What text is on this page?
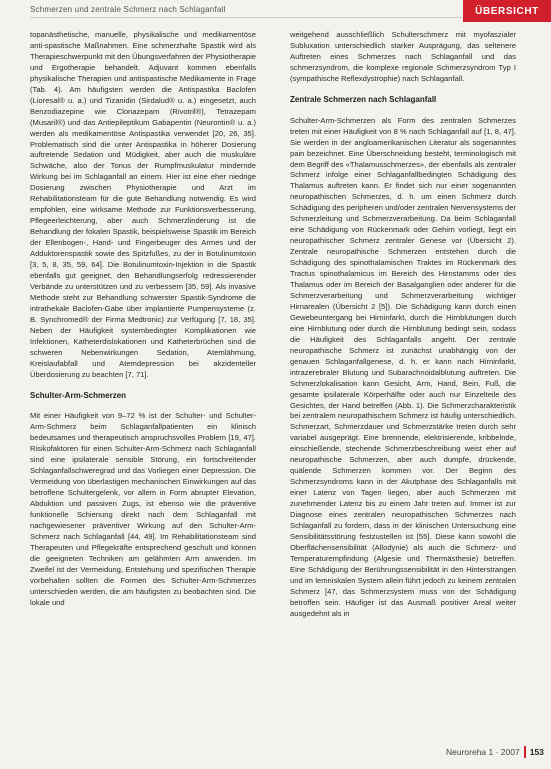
Schmerzen und zentrale Schmerz nach Schlaganfall	ÜBERSICHT

topanästhetische, manuelle, physikalische und medikamentöse anti-spastische Maßnahmen. Eine schmerzhafte Spastik wird als Therapieschwerpunkt mit den Übungsverfahren der Physiotherapie und Ergotherapie behandelt. Adjuvant kommen ebenfalls physikalische Therapien und antispastische Medikamente in Frage (Tab. 4). Am häufigsten werden die Antispastika Baclofen (Lioresal® u. a.) und Tizanidin (Sirdalud® u. a.) eingesetzt, auch Benzodiazepine wie Clonazepam (Rivotril®), Tetrazepam (Musaril®) und das Antiepileptikum Gabapentin (Neurontin® u. a.) werden als medikamentöse Antispastika verwendet [20, 26, 35]. Problematisch sind die unter Antispastika in höherer Dosierung auftretende Sedation und Müdigkeit, aber auch die muskuläre Schwäche, also der Tonus der Rumpfmuskulatur mindernde Wirkung bei im Schlaganfall an einem. Hier ist eine eher niedrige Dosierung zwischen Physiotherapie und Arzt im Rehabilitationsteam für die gute Behandlung notwendig. Es wird empfohlen, eine wirksame Methode zur Funktionsverbesserung, Pflegeerleichterung, aber auch Schmerzlinderung ist die Behandlung der fokalen Spastik, beispielsweise Spastik im Bereich der Ellenbogen-, Hand- und Fingerbeuger des Armes und der Adduktorenspastik sowie des Spitzfußes, zu der in Botulinumtoxin [3, 5, 8, 35, 59, 64]. Die Botulinumtoxin-Injektion in die Spastik ebenfalls gut geeignet, den Behandlungserfolg redressierender Verbände zu unterstützen und zu verbessern [35, 59]. Als invasive Methode steht zur Behandlung schwerster Spastik-Syndrome die intrathekale Baclofen-Gabe über implantierte Pumpensysteme (z. B. Synchromed® der Firma Medtronic) zur Verfügung [7, 18, 35]. Neben der Häufigkeit systembedingter Komplikationen wie Infektionen, Katheterdislokationen und Katheterbrüchen sind die schweren Nebenwirkungen Sedation, Atemlähmung, Kreislaufabfall und Atemdepression bei akzidenteller Überdosierung zu beachten [7, 71].

Schulter-Arm-Schmerzen

Mit einer Häufigkeit von 9–72 % ist der Schulter- und Schulter-Arm-Schmerz beim Schlaganfallpatienten ein klinisch bedeutsames und therapeutisch anspruchsvolles Problem [19, 47]. Risikofaktoren für einen Schulter-Arm-Schmerz nach Schlaganfall sind eine ipsilaterale sensible Störung, ein fortschreitender Schlaganfallschweregrad und das Vorliegen einer Depression. Die Vermeidung von überlastigen mechanischen Einwirkungen auf das betroffene Schultergelenk, vor allem in Form abrupter Elevation, Abduktion und passiven Zugs, ist ebenso wie die präventive funktionelle Schienung direkt nach dem Schlaganfall mit nachgewiesener präventiver Wirkung auf den Schulter-Arm-Schmerz nach Schlaganfall [44, 49]. Im Rehabilitationsteam sind Therapeuten und Pflegekräfte entsprechend geschult und können die geeigneten Techniken am gelähmten Arm anwenden. Im Zweifel ist der Vermeidung, Entstehung und spezifischen Therapie vorbehalten sollten die Formen des Schulter-Arm-Schmerzes unterschieden werden, die am häufigsten zu beobachten sind. Die lokale und

weitgehend ausschließlich Schulterschmerz mit myofaszialer Subluxation unterschiedlich starker Ausprägung, das seltenere Auftreten eines Schmerzes nach Schlaganfall und das schmerzsyndrom, die komplexe regionale Schmerzsyndrom Typ I (sympathische Reflexdystrophie) nach Schlaganfall.

Zentrale Schmerzen nach Schlaganfall

Schulter-Arm-Schmerzen als Form des zentralen Schmerzes treten mit einer Häufigkeit von 8 % nach Schlaganfall auf [1, 8, 47]. Sie werden in der angloamerikanischen Literatur als sogenanntes pain bezeichnet. Eine Überschneidung besteht, terminologisch mit dem Begriff des «Thalamusschmerzes», der ebenfalls als zentraler Schmerz infolge einer Schlaganfallbedingten Schädigung des Thalamus auftreten kann. Er findet sich nur einer sogenannten neuropathischen Schmerzes, d. h. um einen Schmerz durch Schädigung des peripheren und/oder zentralen Nervensystems der Schmerzleitung und Schmerzverarbeitung. Da beim Schlaganfall eine Schädigung von Rückenmark oder Gehirn vorliegt, liegt ein neuropathischer Schmerz zentraler Genese vor (Übersicht 2). Zentrale neuropathische Schmerzen entstehen durch die Schädigung des spinothalamischen Traktes im Rückenmark des Tractus spinothalamicus im Bereich des Hirnstamms oder des Thalamus oder im Bereich der Basalganglien oder anderer für die Schmerzverarbeitung und Schmerzverarbeitung wichtiger Hirnarealen (Übersicht 2 [5]). Die Schädigung kann durch einen Gewebeuntergang bei Hirninfarkt, durch die Hirnblutungen durch eine Hirnblutung oder durch die Hirnblutung bedingt sein, sodass die Häufigkeit des Schlaganfalls angeht. Der zentrale neuropathische Schmerz ist zunächst unabhängig von der genauen Schlaganfallgenese, d. h. er kann nach Hirninfarkt, intrazerebraler Blutung und Subarachnoidalblutung auftreten. Die Schmerzlokalisation kann Gesicht, Arm, Hand, Bein, Fuß, die gesamte ipsilaterale Körperhälfte oder auch nur Einzelteile des Gesichtes, der Hand betreffen (Abb. 1). Die Schmerzcharakteristik bei zentralem neuropathischem Schmerz ist häufig unterschiedlich. Schmerzart, Schmerzdauer und Schmerzstärke treten durch sehr variabel ausgeprägt. Eine brennende, elektrisierende, kribbelnde, einschießende, stechende Schmerzbeschreibung weist eher auf neuropathische Schmerzen, aber auch dumpfe, drückende, quälende Schmerzen kommen vor. Der Beginn des Schmerzsyndroms kann in der Akutphase des Schlaganfalls mit einer Latenz von Tagen liegen, aber auch Schmerzen mit zunehmender Latenz bis zu einem Jahr treten auf. Immer ist zur Diagnose eines zentralen neuropathischen Schmerzes nach Schlaganfall zu fordern, dass in der klinischen Untersuchung eine Sensibilitätsstörung festzustellen ist [55]. Diese kann sowohl die Oberflächensensibilität (Allodynie) als auch die Schmerz- und Temperaturempfindung (Algesie und Thermästhesie) betreffen. Eine Schädigung der Berührungssensibilität in den Hinterstrangen und im lemniskalen System allein führt jedoch zu keinem zentralen Schmerz [47, das Schmerzsystem muss von der Schädigung betroffen sein. Häufiger ist das Ausmaß positiver Areal weiter ausgedehnt als in

Neuroreha 1 · 2007 153
